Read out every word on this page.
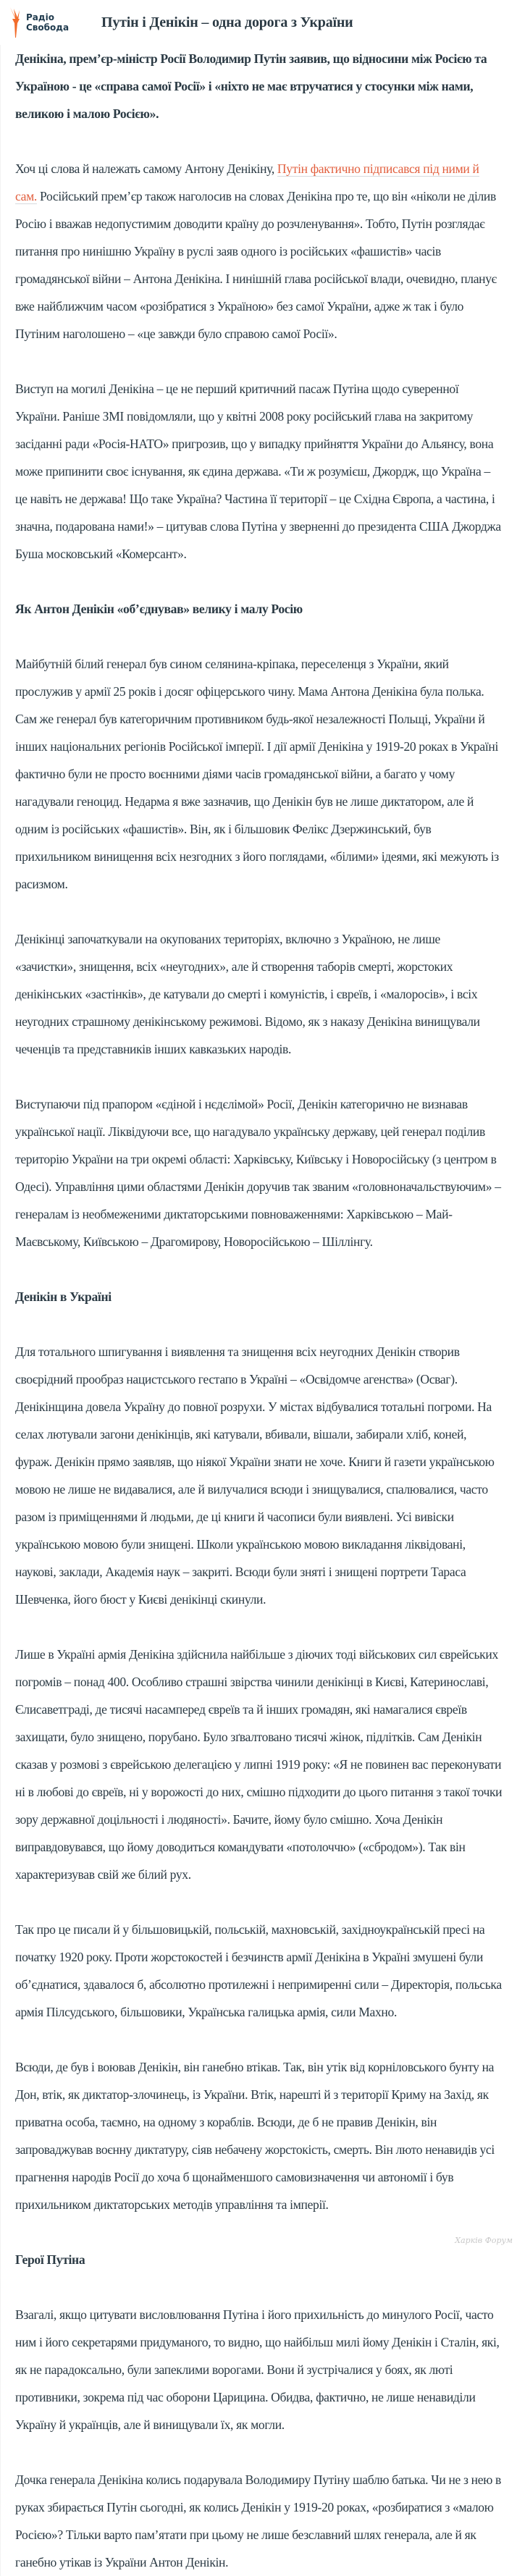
Радіо
Свобода Путін і Денікін – одна дорога з України

Денікіна, прем’єр-міністр Росії Володимир Путін заявив, що відносини між Росією та Україною - це «справа самої Росії» і «ніхто не має втручатися у стосунки між нами, великою і малою Росією».

Хоч ці слова й належать самому Антону Денікіну, Путін фактично підписався під ними й сам. Російський прем’єр також наголосив на словах Денікіна про те, що він «ніколи не ділив Росію і вважав недопустимим доводити країну до розчленування». Тобто, Путін розглядає питання про нинішню Україну в руслі заяв одного із російських «фашистів» часів громадянської війни – Антона Денікіна. І нинішній глава російської влади, очевидно, планує вже найближчим часом «розібратися з Україною» без самої України, адже ж так і було Путіним наголошено – «це завжди було справою самої Росії».

Виступ на могилі Денікіна – це не перший критичний пасаж Путіна щодо суверенної України. Раніше ЗМІ повідомляли, що у квітні 2008 року російський глава на закритому засіданні ради «Росія-НАТО» пригрозив, що у випадку прийняття України до Альянсу, вона може припинити своє існування, як єдина держава. «Ти ж розумієш, Джордж, що Україна – це навіть не держава! Що таке Україна? Частина її території – це Східна Європа, а частина, і значна, подарована нами!» – цитував слова Путіна у зверненні до президента США Джорджа Буша московський «Комерсант».

Як Антон Денікін «об’єднував» велику і малу Росію

Майбутній білий генерал був сином селянина-кріпака, переселенця з України, який прослужив у армії 25 років і досяг офіцерського чину. Мама Антона Денікіна була полька. Сам же генерал був категоричним противником будь-якої незалежності Польщі, України й інших національних регіонів Російської імперії. І дії армії Денікіна у 1919-20 роках в Україні фактично були не просто воєнними діями часів громадянської війни, а багато у чому нагадували геноцид. Недарма я вже зазначив, що Денікін був не лише диктатором, але й одним із російських «фашистів». Він, як і більшовик Фелікс Дзержинський, був прихильником винищення всіх незгодних з його поглядами, «білими» ідеями, які межують із расизмом.

Денікінці започаткували на окупованих територіях, включно з Україною, не лише «зачистки», знищення, всіх «неугодних», але й створення таборів смерті, жорстоких денікінських «застінків», де катували до смерті і комуністів, і євреїв, і «малоросів», і всіх неугодних страшному денікінському режимові. Відомо, як з наказу Денікіна винищували чеченців та представників інших кавказьких народів.

Виступаючи під прапором «єдіной і нєдєлімой» Росії, Денікін категорично не визнавав української нації. Ліквідуючи все, що нагадувало українську державу, цей генерал поділив територію України на три окремі області: Харківську, Київську і Новоросійську (з центром в Одесі). Управління цими областями Денікін доручив так званим «головноначальствуючим» – генералам із необмеженими диктаторськими повноваженнями: Харківською – Май-Маєвському, Київською – Драгомирову, Новоросійською – Шіллінгу.

Денікін в Україні

Для тотального шпигування і виявлення та знищення всіх неугодних Денікін створив своєрідний прообраз нацистського гестапо в Україні – «Освідомче агенства» (Осваг). Денікінщина довела Україну до повної розрухи. У містах відбувалися тотальні погроми. На селах лютували загони денікінців, які катували, вбивали, вішали, забирали хліб, коней, фураж. Денікін прямо заявляв, що ніякої України знати не хоче. Книги й газети українською мовою не лише не видавалися, але й вилучалися всюди і знищувалися, спалювалися, часто разом із приміщеннями й людьми, де ці книги й часописи були виявлені. Усі вивіски українською мовою були знищені. Школи українською мовою викладання ліквідовані, наукові, заклади, Академія наук – закриті. Всюди були зняті і знищені портрети Тараса Шевченка, його бюст у Києві денікінці скинули.

Лише в Україні армія Денікіна здійснила найбільше з діючих тоді військових сил єврейських погромів – понад 400. Особливо страшні звірства чинили денікінці в Києві, Катеринославі, Єлисаветграді, де тисячі насамперед євреїв та й інших громадян, які намагалися євреїв захищати, було знищено, порубано. Було зґвалтовано тисячі жінок, підлітків. Сам Денікін сказав у розмові з єврейською делегацією у липні 1919 року: «Я не повинен вас переконувати ні в любові до євреїв, ні у ворожості до них, смішно підходити до цього питання з такої точки зору державної доцільності і людяності». Бачите, йому було смішно. Хоча Денікін виправдовувався, що йому доводиться командувати «потолоччю» («сбродом»). Так він характеризував свій же білий рух.

Так про це писали й у більшовицькій, польській, махновській, західноукраїнській пресі на початку 1920 року. Проти жорстокостей і безчинств армії Денікіна в Україні змушені були об’єднатися, здавалося б, абсолютно протилежні і непримиренні сили – Директорія, польська армія Пілсудського, більшовики, Українська галицька армія, сили Махно.

Всюди, де був і воював Денікін, він ганебно втікав. Так, він утік від корніловського бунту на Дон, втік, як диктатор-злочинець, із України. Втік, нарешті й з території Криму на Захід, як приватна особа, таємно, на одному з кораблів. Всюди, де б не правив Денікін, він запроваджував воєнну диктатуру, сіяв небачену жорстокість, смерть. Він люто ненавидів усі прагнення народів Росії до хоча б щонайменшого самовизначення чи автономії і був прихильником диктаторських методів управління та імперії.

Герої Путіна

Взагалі, якщо цитувати висловлювання Путіна і його прихильність до минулого Росії, часто ним і його секретарями придуманого, то видно, що найбільш милі йому Денікін і Сталін, які, як не парадоксально, були запеклими ворогами. Вони й зустрічалися у боях, як люті противники, зокрема під час оборони Царицина. Обидва, фактично, не лише ненавиділи Україну й українців, але й винищували їх, як могли.

Дочка генерала Денікіна колись подарувала Володимиру Путіну шаблю батька. Чи не з нею в руках збирається Путін сьогодні, як колись Денікін у 1919-20 роках, «розбиратися з «малою Росією»? Тільки варто пам’ятати при цьому не лише безславний шлях генерала, але й як ганебно утікав із України Антон Денікін.

Харків Форум
